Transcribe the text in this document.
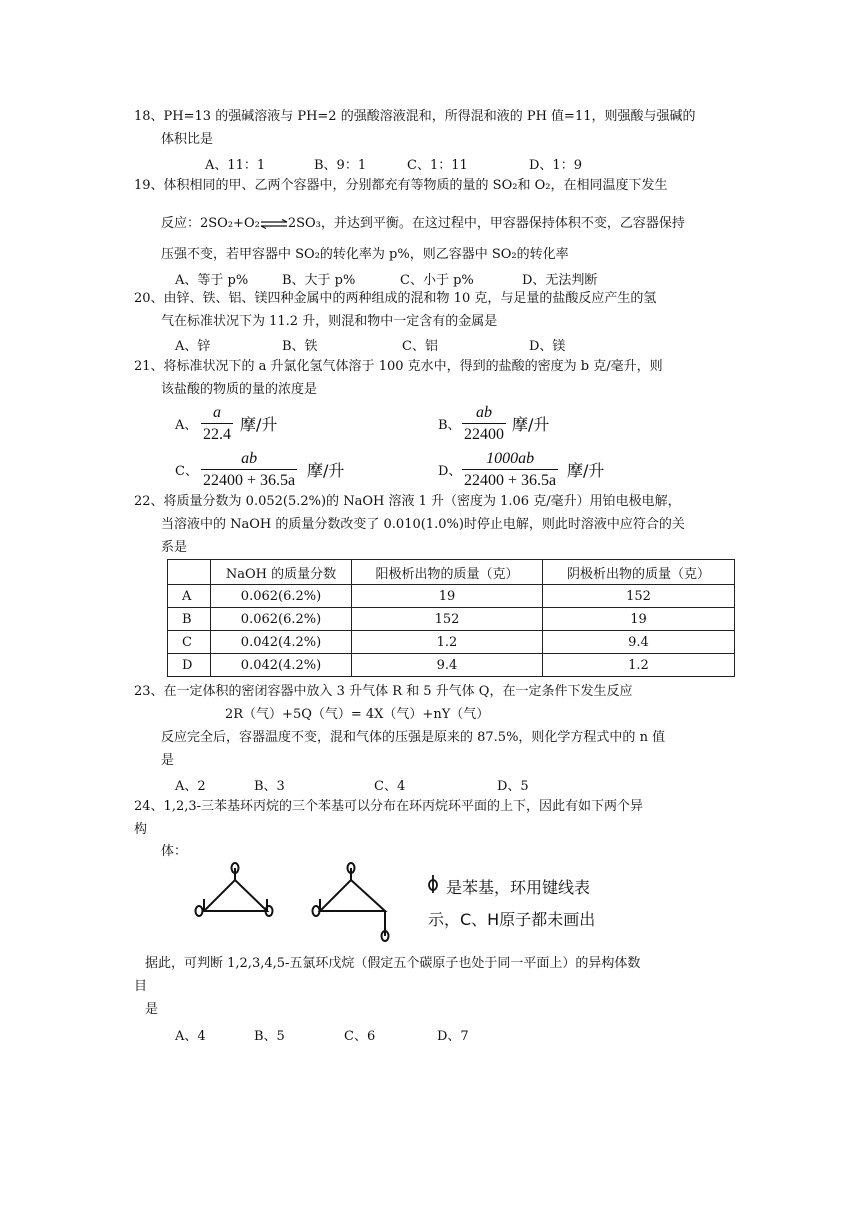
18、PH=13 的强碱溶液与 PH=2 的强酸溶液混和，所得混和液的 PH 值=11，则强酸与强碱的
体积比是
A、11：1	B、9：1	C、1：11	D、1：9
19、体积相同的甲、乙两个容器中，分别都充有等物质的量的 SO₂和 O₂，在相同温度下发生
反应：2SO₂+O₂⇌2SO₃，并达到平衡。在这过程中，甲容器保持体积不变，乙容器保持
压强不变，若甲容器中 SO₂的转化率为 p%，则乙容器中 SO₂的转化率
A、等于 p%	B、大于 p%	C、小于 p%	D、无法判断
20、由锌、铁、铝、镁四种金属中的两种组成的混和物 10 克，与足量的盐酸反应产生的氢
气在标准状况下为 11.2 升，则混和物中一定含有的金属是
A、锌	B、铁	C、铝	D、镁
21、将标准状况下的 a 升氯化氢气体溶于 100 克水中，得到的盐酸的密度为 b 克/毫升，则
该盐酸的物质的量的浓度是
A、 $\frac{a}{22.4}$ 摩/升	B、 $\frac{ab}{22400}$ 摩/升
C、 $\frac{ab}{22400 + 36.5a}$ 摩/升	D、 $\frac{1000ab}{22400 + 36.5a}$ 摩/升
22、将质量分数为 0.052(5.2%)的 NaOH 溶液 1 升（密度为 1.06 克/毫升）用铂电极电解，
当溶液中的 NaOH 的质量分数改变了 0.010(1.0%)时停止电解，则此时溶液中应符合的关
系是
	NaOH 的质量分数	阳极析出物的质量（克）	阴极析出物的质量（克）
A	0.062(6.2%)	19	152
B	0.062(6.2%)	152	19
C	0.042(4.2%)	1.2	9.4
D	0.042(4.2%)	9.4	1.2
23、在一定体积的密闭容器中放入 3 升气体 R 和 5 升气体 Q，在一定条件下发生反应
2R（气）+5Q（气）= 4X（气）+nY（气）
反应完全后，容器温度不变，混和气体的压强是原来的 87.5%，则化学方程式中的 n 值
是
A、2	B、3	C、4	D、5
24、1,2,3-三苯基环丙烷的三个苯基可以分布在环丙烷环平面的上下，因此有如下两个异
构
体：
是苯基，环用键线表
示，C、H原子都未画出
据此，可判断 1,2,3,4,5-五氯环戊烷（假定五个碳原子也处于同一平面上）的异构体数
目
是
A、4	B、5	C、6	D、7
